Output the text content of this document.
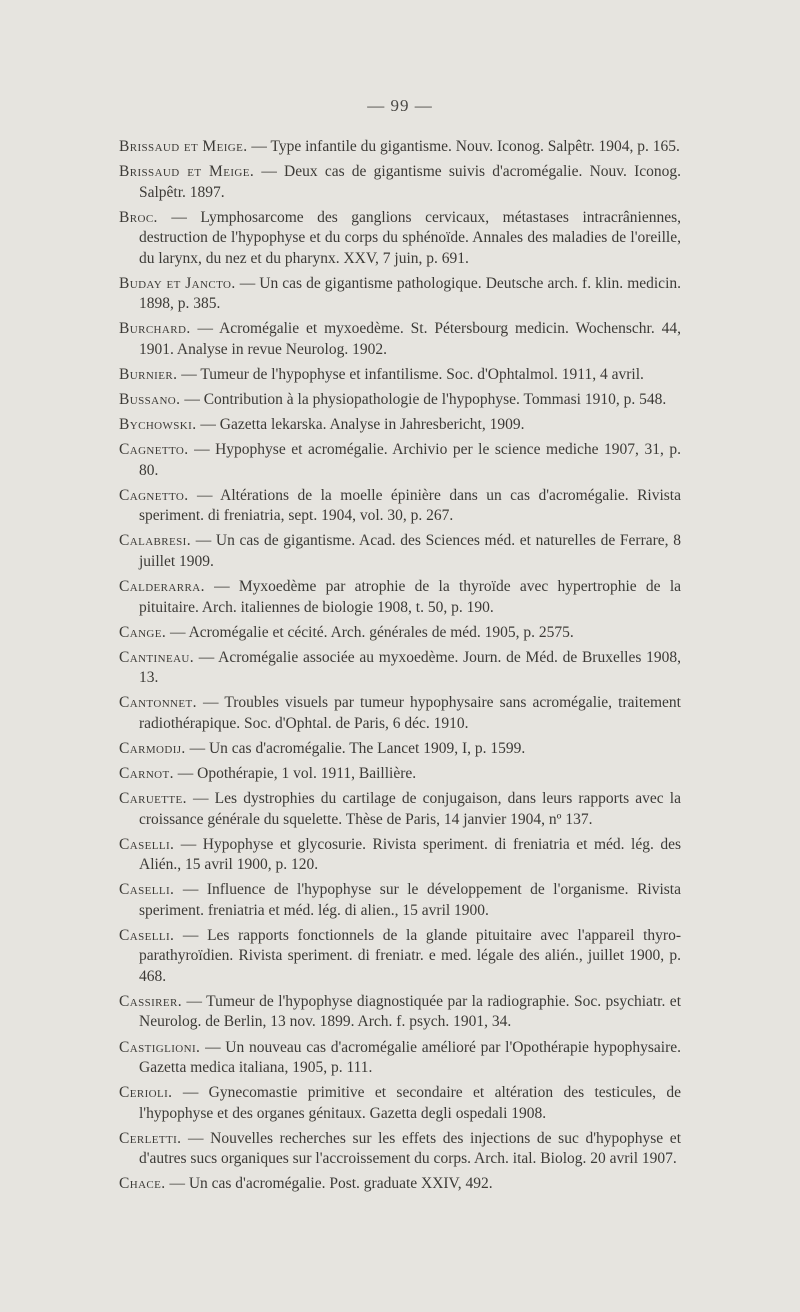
— 99 —

Brissaud et Meige. — Type infantile du gigantisme. Nouv. Iconog. Salpêtr. 1904, p. 165.

Brissaud et Meige. — Deux cas de gigantisme suivis d'acromégalie. Nouv. Iconog. Salpêtr. 1897.

Broc. — Lymphosarcome des ganglions cervicaux, métastases intracrâniennes, destruction de l'hypophyse et du corps du sphénoïde. Annales des maladies de l'oreille, du larynx, du nez et du pharynx. XXV, 7 juin, p. 691.

Buday et Jancto. — Un cas de gigantisme pathologique. Deutsche arch. f. klin. medicin. 1898, p. 385.

Burchard. — Acromégalie et myxoedème. St. Pétersbourg medicin. Wochenschr. 44, 1901. Analyse in revue Neurolog. 1902.

Burnier. — Tumeur de l'hypophyse et infantilisme. Soc. d'Ophtalmol. 1911, 4 avril.

Bussano. — Contribution à la physiopathologie de l'hypophyse. Tommasi 1910, p. 548.

Bychowski. — Gazetta lekarska. Analyse in Jahresbericht, 1909.

Cagnetto. — Hypophyse et acromégalie. Archivio per le science mediche 1907, 31, p. 80.

Cagnetto. — Altérations de la moelle épinière dans un cas d'acromégalie. Rivista speriment. di freniatria, sept. 1904, vol. 30, p. 267.

Calabresi. — Un cas de gigantisme. Acad. des Sciences méd. et naturelles de Ferrare, 8 juillet 1909.

Calderarra. — Myxoedème par atrophie de la thyroïde avec hypertrophie de la pituitaire. Arch. italiennes de biologie 1908, t. 50, p. 190.

Cange. — Acromégalie et cécité. Arch. générales de méd. 1905, p. 2575.

Cantineau. — Acromégalie associée au myxoedème. Journ. de Méd. de Bruxelles 1908, 13.

Cantonnet. — Troubles visuels par tumeur hypophysaire sans acromégalie, traitement radiothérapique. Soc. d'Ophtal. de Paris, 6 déc. 1910.

Carmodij. — Un cas d'acromégalie. The Lancet 1909, I, p. 1599.

Carnot. — Opothérapie, 1 vol. 1911, Baillière.

Caruette. — Les dystrophies du cartilage de conjugaison, dans leurs rapports avec la croissance générale du squelette. Thèse de Paris, 14 janvier 1904, nº 137.

Caselli. — Hypophyse et glycosurie. Rivista speriment. di freniatria et méd. lég. des Alién., 15 avril 1900, p. 120.

Caselli. — Influence de l'hypophyse sur le développement de l'organisme. Rivista speriment. freniatria et méd. lég. di alien., 15 avril 1900.

Caselli. — Les rapports fonctionnels de la glande pituitaire avec l'appareil thyro-parathyroïdien. Rivista speriment. di freniatr. e med. légale des alién., juillet 1900, p. 468.

Cassirer. — Tumeur de l'hypophyse diagnostiquée par la radiographie. Soc. psychiatr. et Neurolog. de Berlin, 13 nov. 1899. Arch. f. psych. 1901, 34.

Castiglioni. — Un nouveau cas d'acromégalie amélioré par l'Opothérapie hypophysaire. Gazetta medica italiana, 1905, p. 111.

Cerioli. — Gynecomastie primitive et secondaire et altération des testicules, de l'hypophyse et des organes génitaux. Gazetta degli ospedali 1908.

Cerletti. — Nouvelles recherches sur les effets des injections de suc d'hypophyse et d'autres sucs organiques sur l'accroissement du corps. Arch. ital. Biolog. 20 avril 1907.

Chace. — Un cas d'acromégalie. Post. graduate XXIV, 492.
